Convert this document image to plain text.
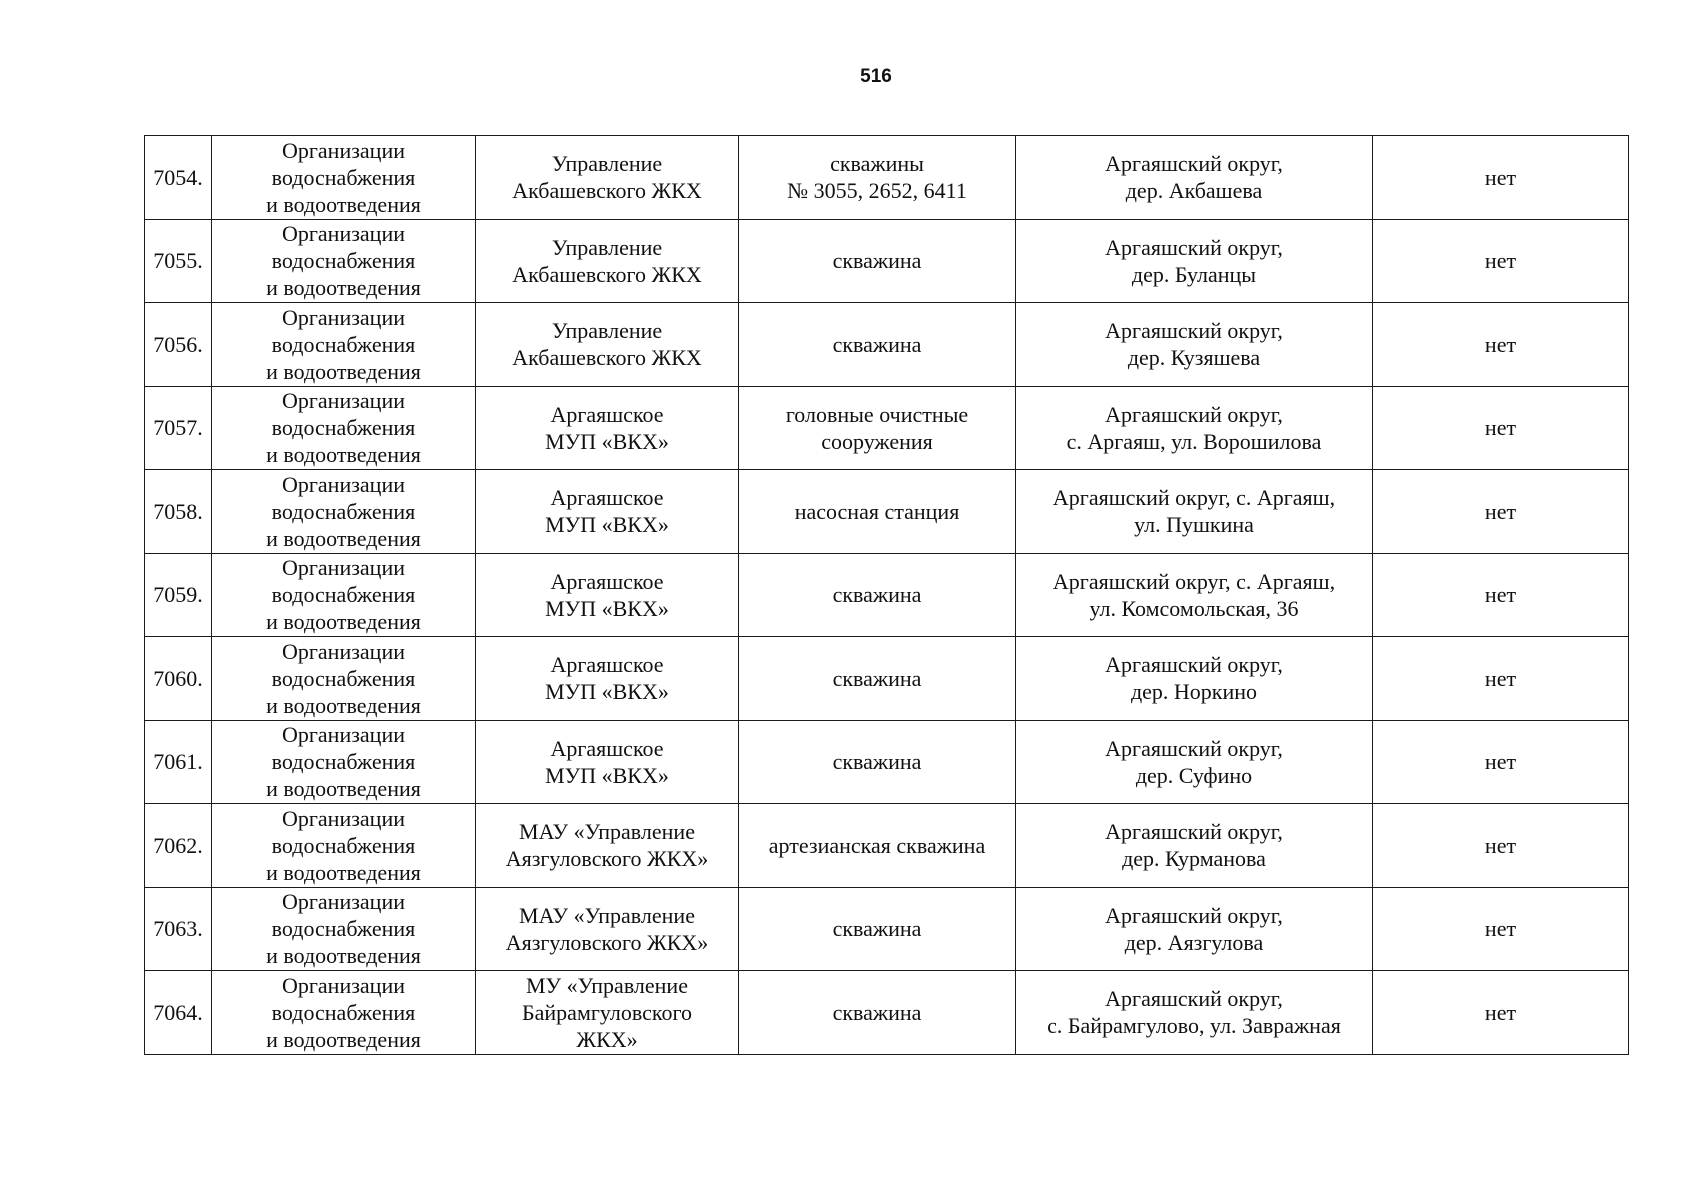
516
7054.	Организации
водоснабжения
и водоотведения	Управление
Акбашевского ЖКХ	скважины
№ 3055, 2652, 6411	Аргаяшский округ,
дер. Акбашева	нет
7055.	Организации
водоснабжения
и водоотведения	Управление
Акбашевского ЖКХ	скважина	Аргаяшский округ,
дер. Буланцы	нет
7056.	Организации
водоснабжения
и водоотведения	Управление
Акбашевского ЖКХ	скважина	Аргаяшский округ,
дер. Кузяшева	нет
7057.	Организации
водоснабжения
и водоотведения	Аргаяшское
МУП «ВКХ»	головные очистные
сооружения	Аргаяшский округ,
с. Аргаяш, ул. Ворошилова	нет
7058.	Организации
водоснабжения
и водоотведения	Аргаяшское
МУП «ВКХ»	насосная станция	Аргаяшский округ, с. Аргаяш,
ул. Пушкина	нет
7059.	Организации
водоснабжения
и водоотведения	Аргаяшское
МУП «ВКХ»	скважина	Аргаяшский округ, с. Аргаяш,
ул. Комсомольская, 36	нет
7060.	Организации
водоснабжения
и водоотведения	Аргаяшское
МУП «ВКХ»	скважина	Аргаяшский округ,
дер. Норкино	нет
7061.	Организации
водоснабжения
и водоотведения	Аргаяшское
МУП «ВКХ»	скважина	Аргаяшский округ,
дер. Суфино	нет
7062.	Организации
водоснабжения
и водоотведения	МАУ «Управление
Аязгуловского ЖКХ»	артезианская скважина	Аргаяшский округ,
дер. Курманова	нет
7063.	Организации
водоснабжения
и водоотведения	МАУ «Управление
Аязгуловского ЖКХ»	скважина	Аргаяшский округ,
дер. Аязгулова	нет
7064.	Организации
водоснабжения
и водоотведения	МУ «Управление
Байрамгуловского
ЖКХ»	скважина	Аргаяшский округ,
с. Байрамгулово, ул. Завражная	нет
